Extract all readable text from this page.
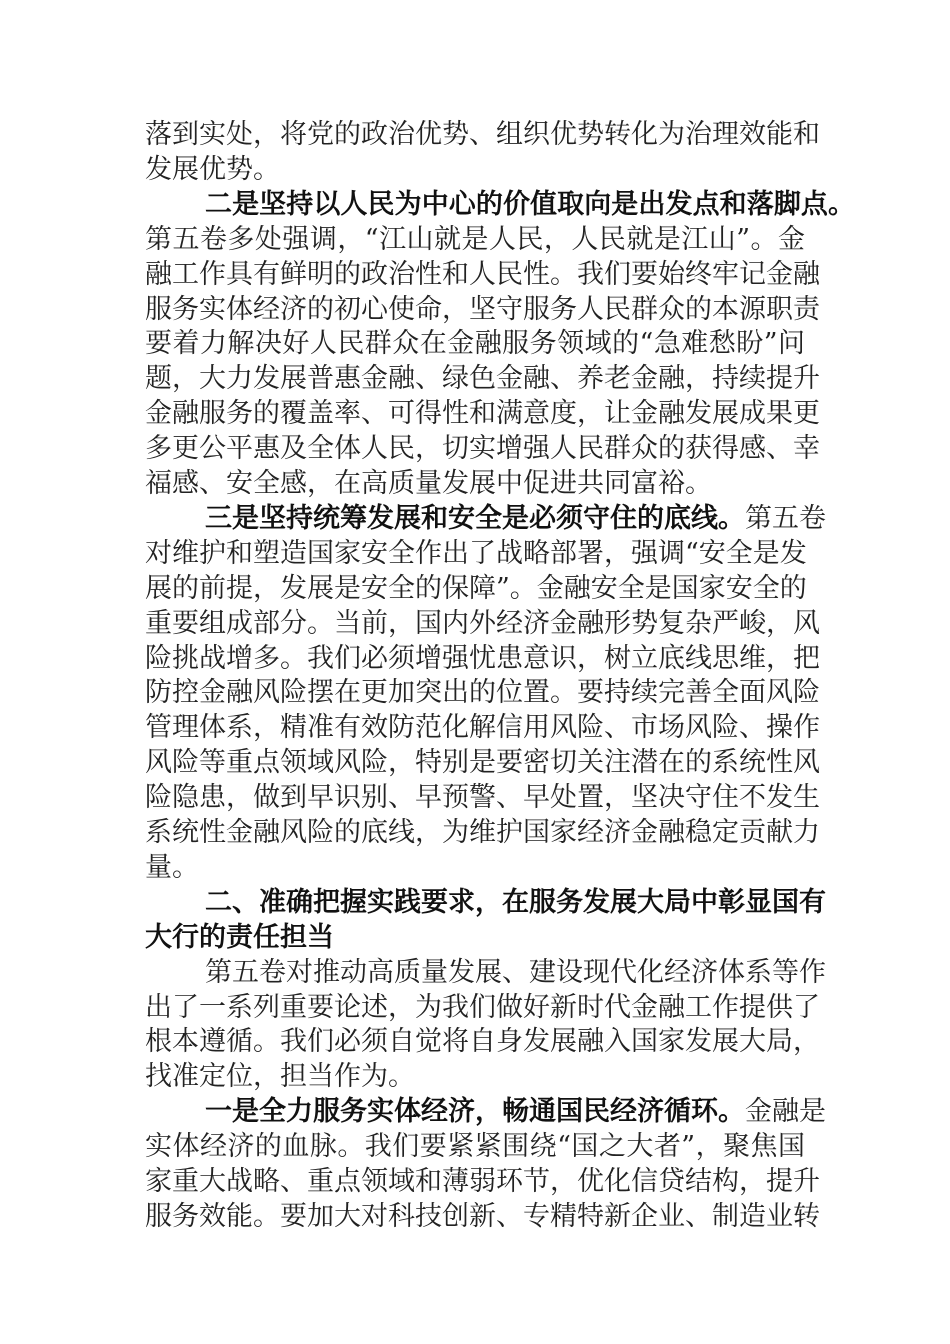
落到实处，将党的政治优势、组织优势转化为治理效能和
发展优势。
二是坚持以人民为中心的价值取向是出发点和落脚点。
第五卷多处强调，“江山就是人民，人民就是江山”。金
融工作具有鲜明的政治性和人民性。我们要始终牢记金融
服务实体经济的初心使命，坚守服务人民群众的本源职责
要着力解决好人民群众在金融服务领域的“急难愁盼”问
题，大力发展普惠金融、绿色金融、养老金融，持续提升
金融服务的覆盖率、可得性和满意度，让金融发展成果更
多更公平惠及全体人民，切实增强人民群众的获得感、幸
福感、安全感，在高质量发展中促进共同富裕。
三是坚持统筹发展和安全是必须守住的底线。第五卷
对维护和塑造国家安全作出了战略部署，强调“安全是发
展的前提，发展是安全的保障”。金融安全是国家安全的
重要组成部分。当前，国内外经济金融形势复杂严峻，风
险挑战增多。我们必须增强忧患意识，树立底线思维，把
防控金融风险摆在更加突出的位置。要持续完善全面风险
管理体系，精准有效防范化解信用风险、市场风险、操作
风险等重点领域风险，特别是要密切关注潜在的系统性风
险隐患，做到早识别、早预警、早处置，坚决守住不发生
系统性金融风险的底线，为维护国家经济金融稳定贡献力
量。
二、准确把握实践要求，在服务发展大局中彰显国有
大行的责任担当
第五卷对推动高质量发展、建设现代化经济体系等作
出了一系列重要论述，为我们做好新时代金融工作提供了
根本遵循。我们必须自觉将自身发展融入国家发展大局，
找准定位，担当作为。
一是全力服务实体经济，畅通国民经济循环。金融是
实体经济的血脉。我们要紧紧围绕“国之大者”，聚焦国
家重大战略、重点领域和薄弱环节，优化信贷结构，提升
服务效能。要加大对科技创新、专精特新企业、制造业转
